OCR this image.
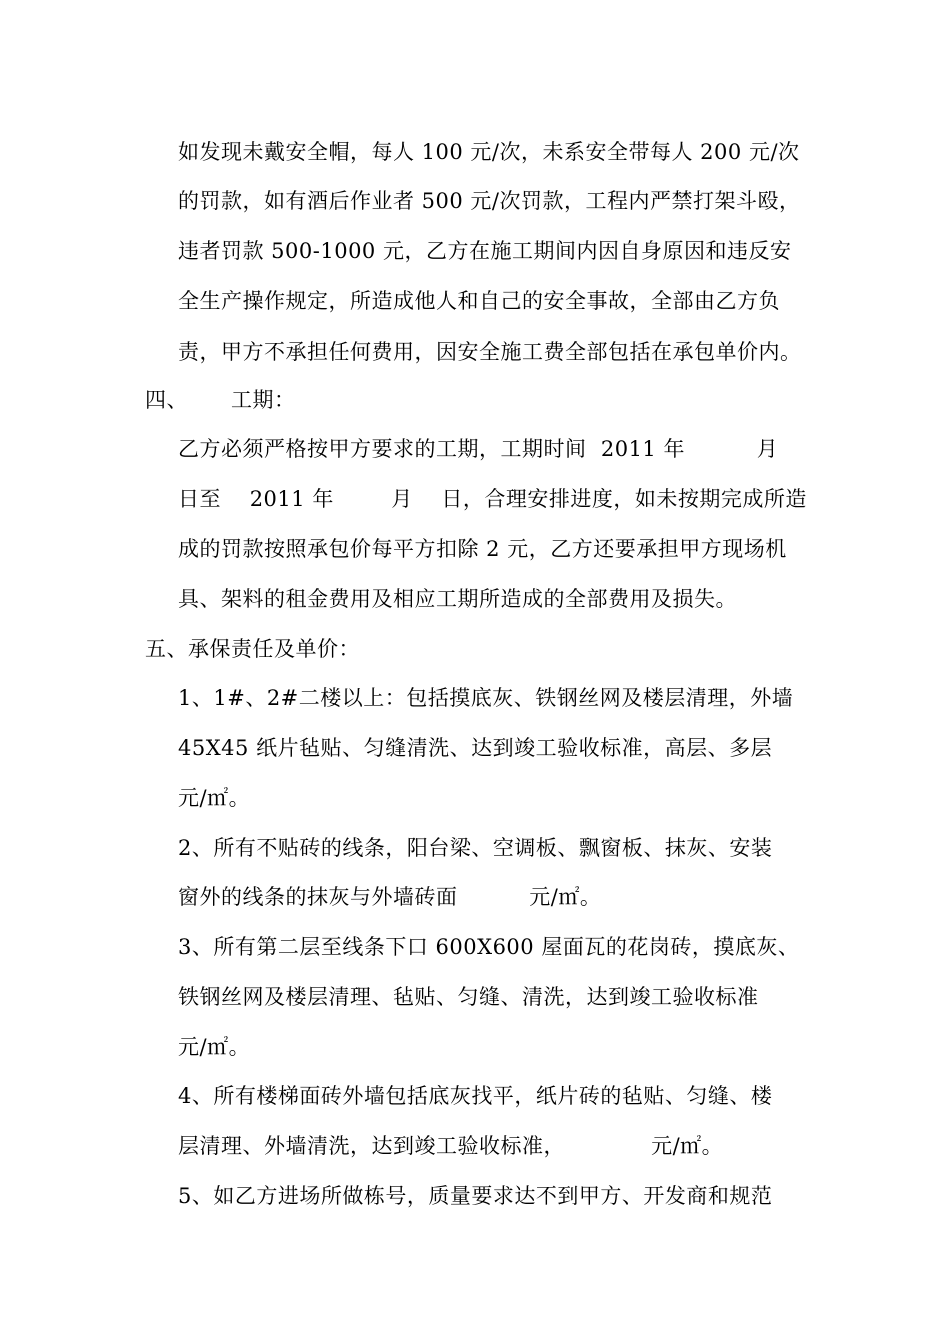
如发现未戴安全帽，每人 100 元/次，未系安全带每人 200 元/次
的罚款，如有酒后作业者 500 元/次罚款，工程内严禁打架斗殴，
违者罚款 500-1000 元，乙方在施工期间内因自身原因和违反安
全生产操作规定，所造成他人和自己的安全事故，全部由乙方负
责，甲方不承担任何费用，因安全施工费全部包括在承包单价内。
四、      工期：
乙方必须严格按甲方要求的工期，工期时间  2011 年          月
日至    2011 年        月    日，合理安排进度，如未按期完成所造
成的罚款按照承包价每平方扣除 2 元，乙方还要承担甲方现场机
具、架料的租金费用及相应工期所造成的全部费用及损失。
五、承保责任及单价：
1、1#、2#二楼以上：包括摸底灰、铁钢丝网及楼层清理，外墙
45X45 纸片毡贴、匀缝清洗、达到竣工验收标准，高层、多层
元/㎡。
2、所有不贴砖的线条，阳台梁、空调板、飘窗板、抹灰、安装
窗外的线条的抹灰与外墙砖面          元/㎡。
3、所有第二层至线条下口 600X600 屋面瓦的花岗砖，摸底灰、
铁钢丝网及楼层清理、毡贴、匀缝、清洗，达到竣工验收标准
元/㎡。
4、所有楼梯面砖外墙包括底灰找平，纸片砖的毡贴、匀缝、楼
层清理、外墙清洗，达到竣工验收标准，            元/㎡。
5、如乙方进场所做栋号，质量要求达不到甲方、开发商和规范
